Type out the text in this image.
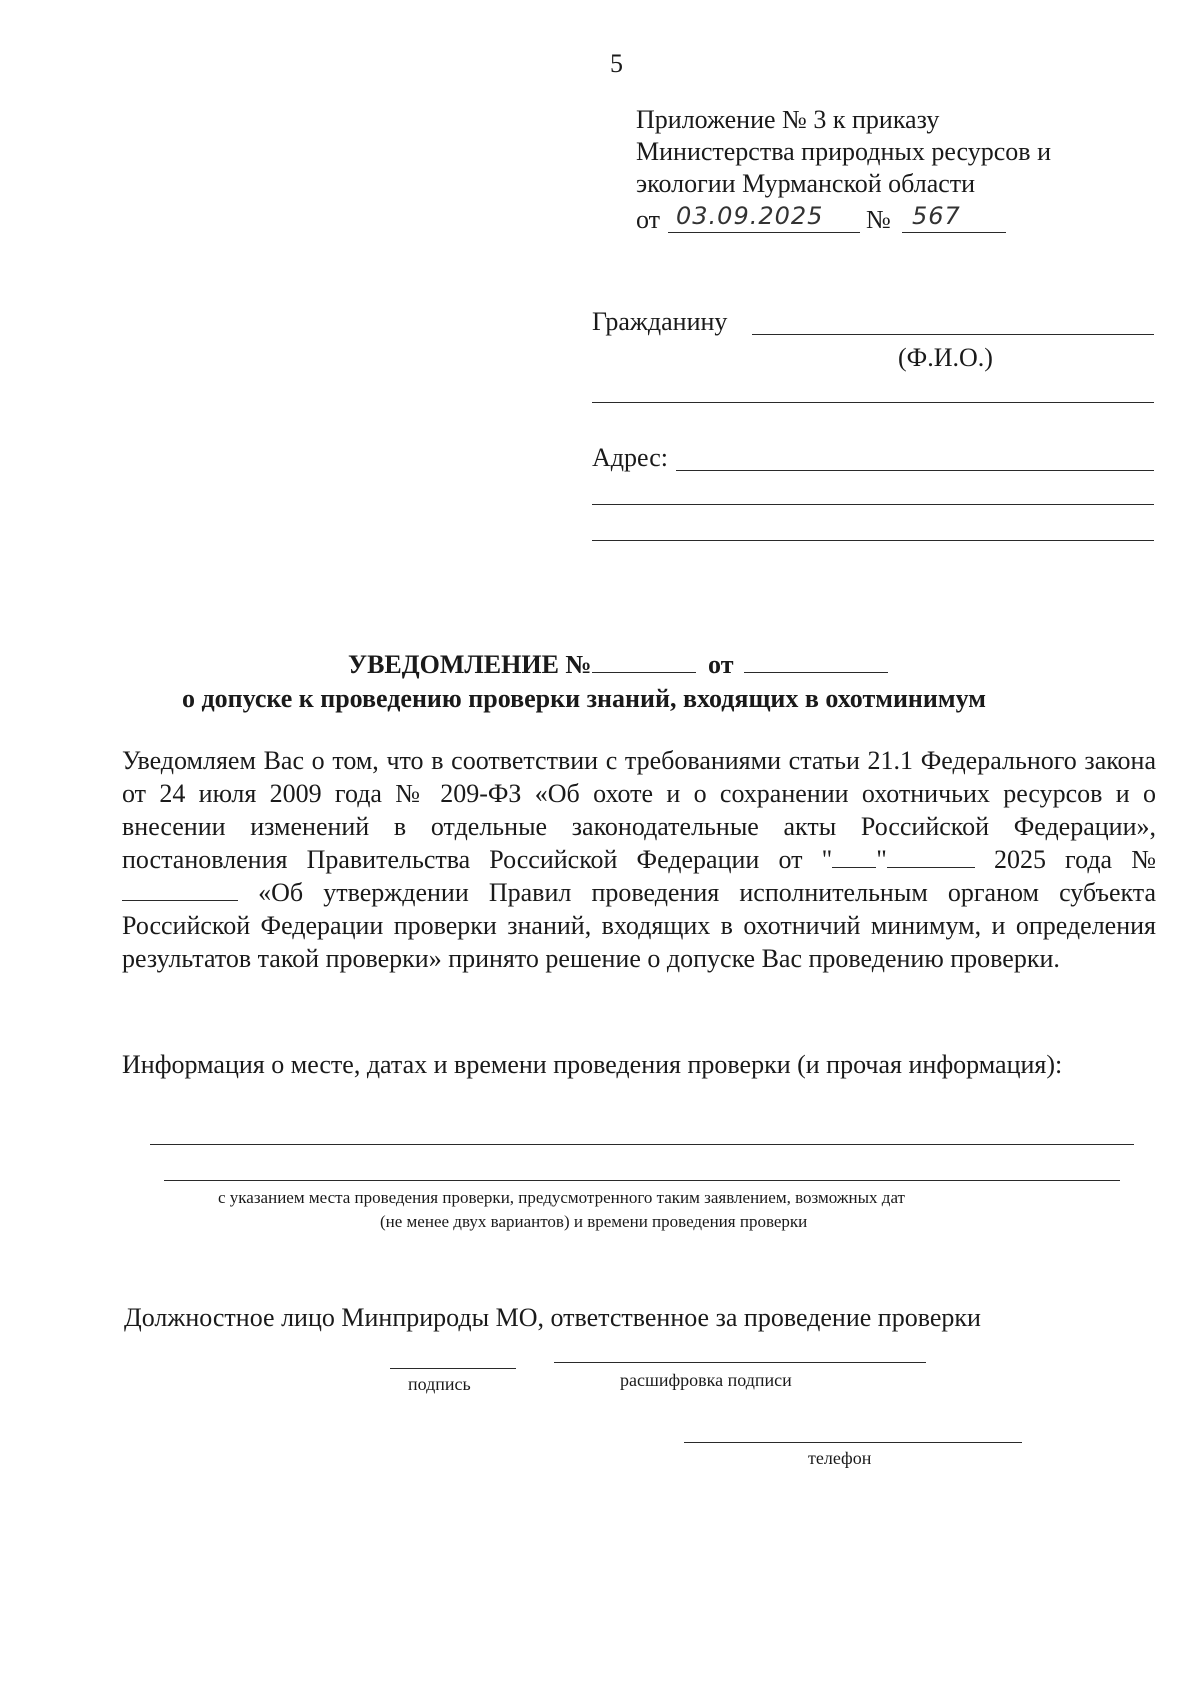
5
Приложение № 3 к приказу
Министерства природных ресурсов и
экологии Мурманской области
от 03.09.2025 № 567
Гражданину
(Ф.И.О.)
Адрес:
УВЕДОМЛЕНИЕ №	от
о допуске к проведению проверки знаний, входящих в охотминимум
Уведомляем Вас о том, что в соответствии с требованиями статьи 21.1 Федерального закона от 24 июля 2009 года № 209-ФЗ «Об охоте и о сохранении охотничьих ресурсов и о внесении изменений в отдельные законодательные акты Российской Федерации», постановления Правительства Российской Федерации от " "	2025 года №  «Об утверждении Правил проведения исполнительным органом субъекта Российской Федерации проверки знаний, входящих в охотничий минимум, и определения результатов такой проверки» принято решение о допуске Вас проведению проверки.
Информация о месте, датах и времени проведения проверки (и прочая информация):
с указанием места проведения проверки, предусмотренного таким заявлением, возможных дат
(не менее двух вариантов) и времени проведения проверки
Должностное лицо Минприроды МО, ответственное за проведение проверки
подпись	расшифровка подписи
телефон
